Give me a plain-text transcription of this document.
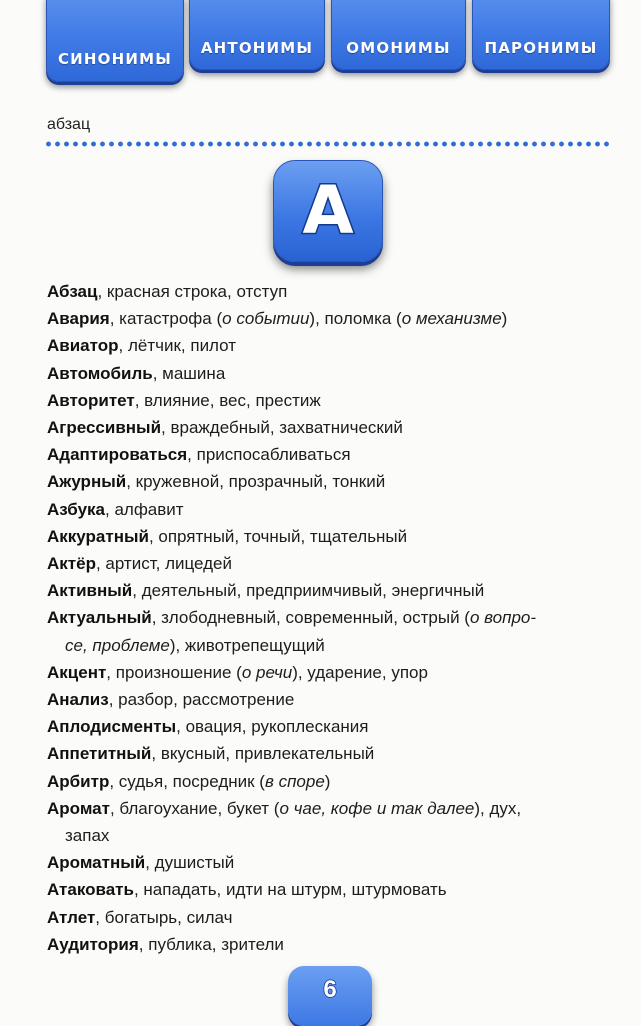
СИНОНИМЫ
АНТОНИМЫ ОМОНИМЫ ПАРОНИМЫ
абзац
А
Абзац, красная строка, отступ
Авария, катастрофа (о событии), поломка (о механизме)
Авиатор, лётчик, пилот
Автомобиль, машина
Авторитет, влияние, вес, престиж
Агрессивный, враждебный, захватнический
Адаптироваться, приспосабливаться
Ажурный, кружевной, прозрачный, тонкий
Азбука, алфавит
Аккуратный, опрятный, точный, тщательный
Актёр, артист, лицедей
Активный, деятельный, предприимчивый, энергичный
Актуальный, злободневный, современный, острый (о вопро-
се, проблеме), животрепещущий
Акцент, произношение (о речи), ударение, упор
Анализ, разбор, рассмотрение
Аплодисменты, овация, рукоплескания
Аппетитный, вкусный, привлекательный
Арбитр, судья, посредник (в споре)
Аромат, благоухание, букет (о чае, кофе и так далее), дух,
запах
Ароматный, душистый
Атаковать, нападать, идти на штурм, штурмовать
Атлет, богатырь, силач
Аудитория, публика, зрители
6
